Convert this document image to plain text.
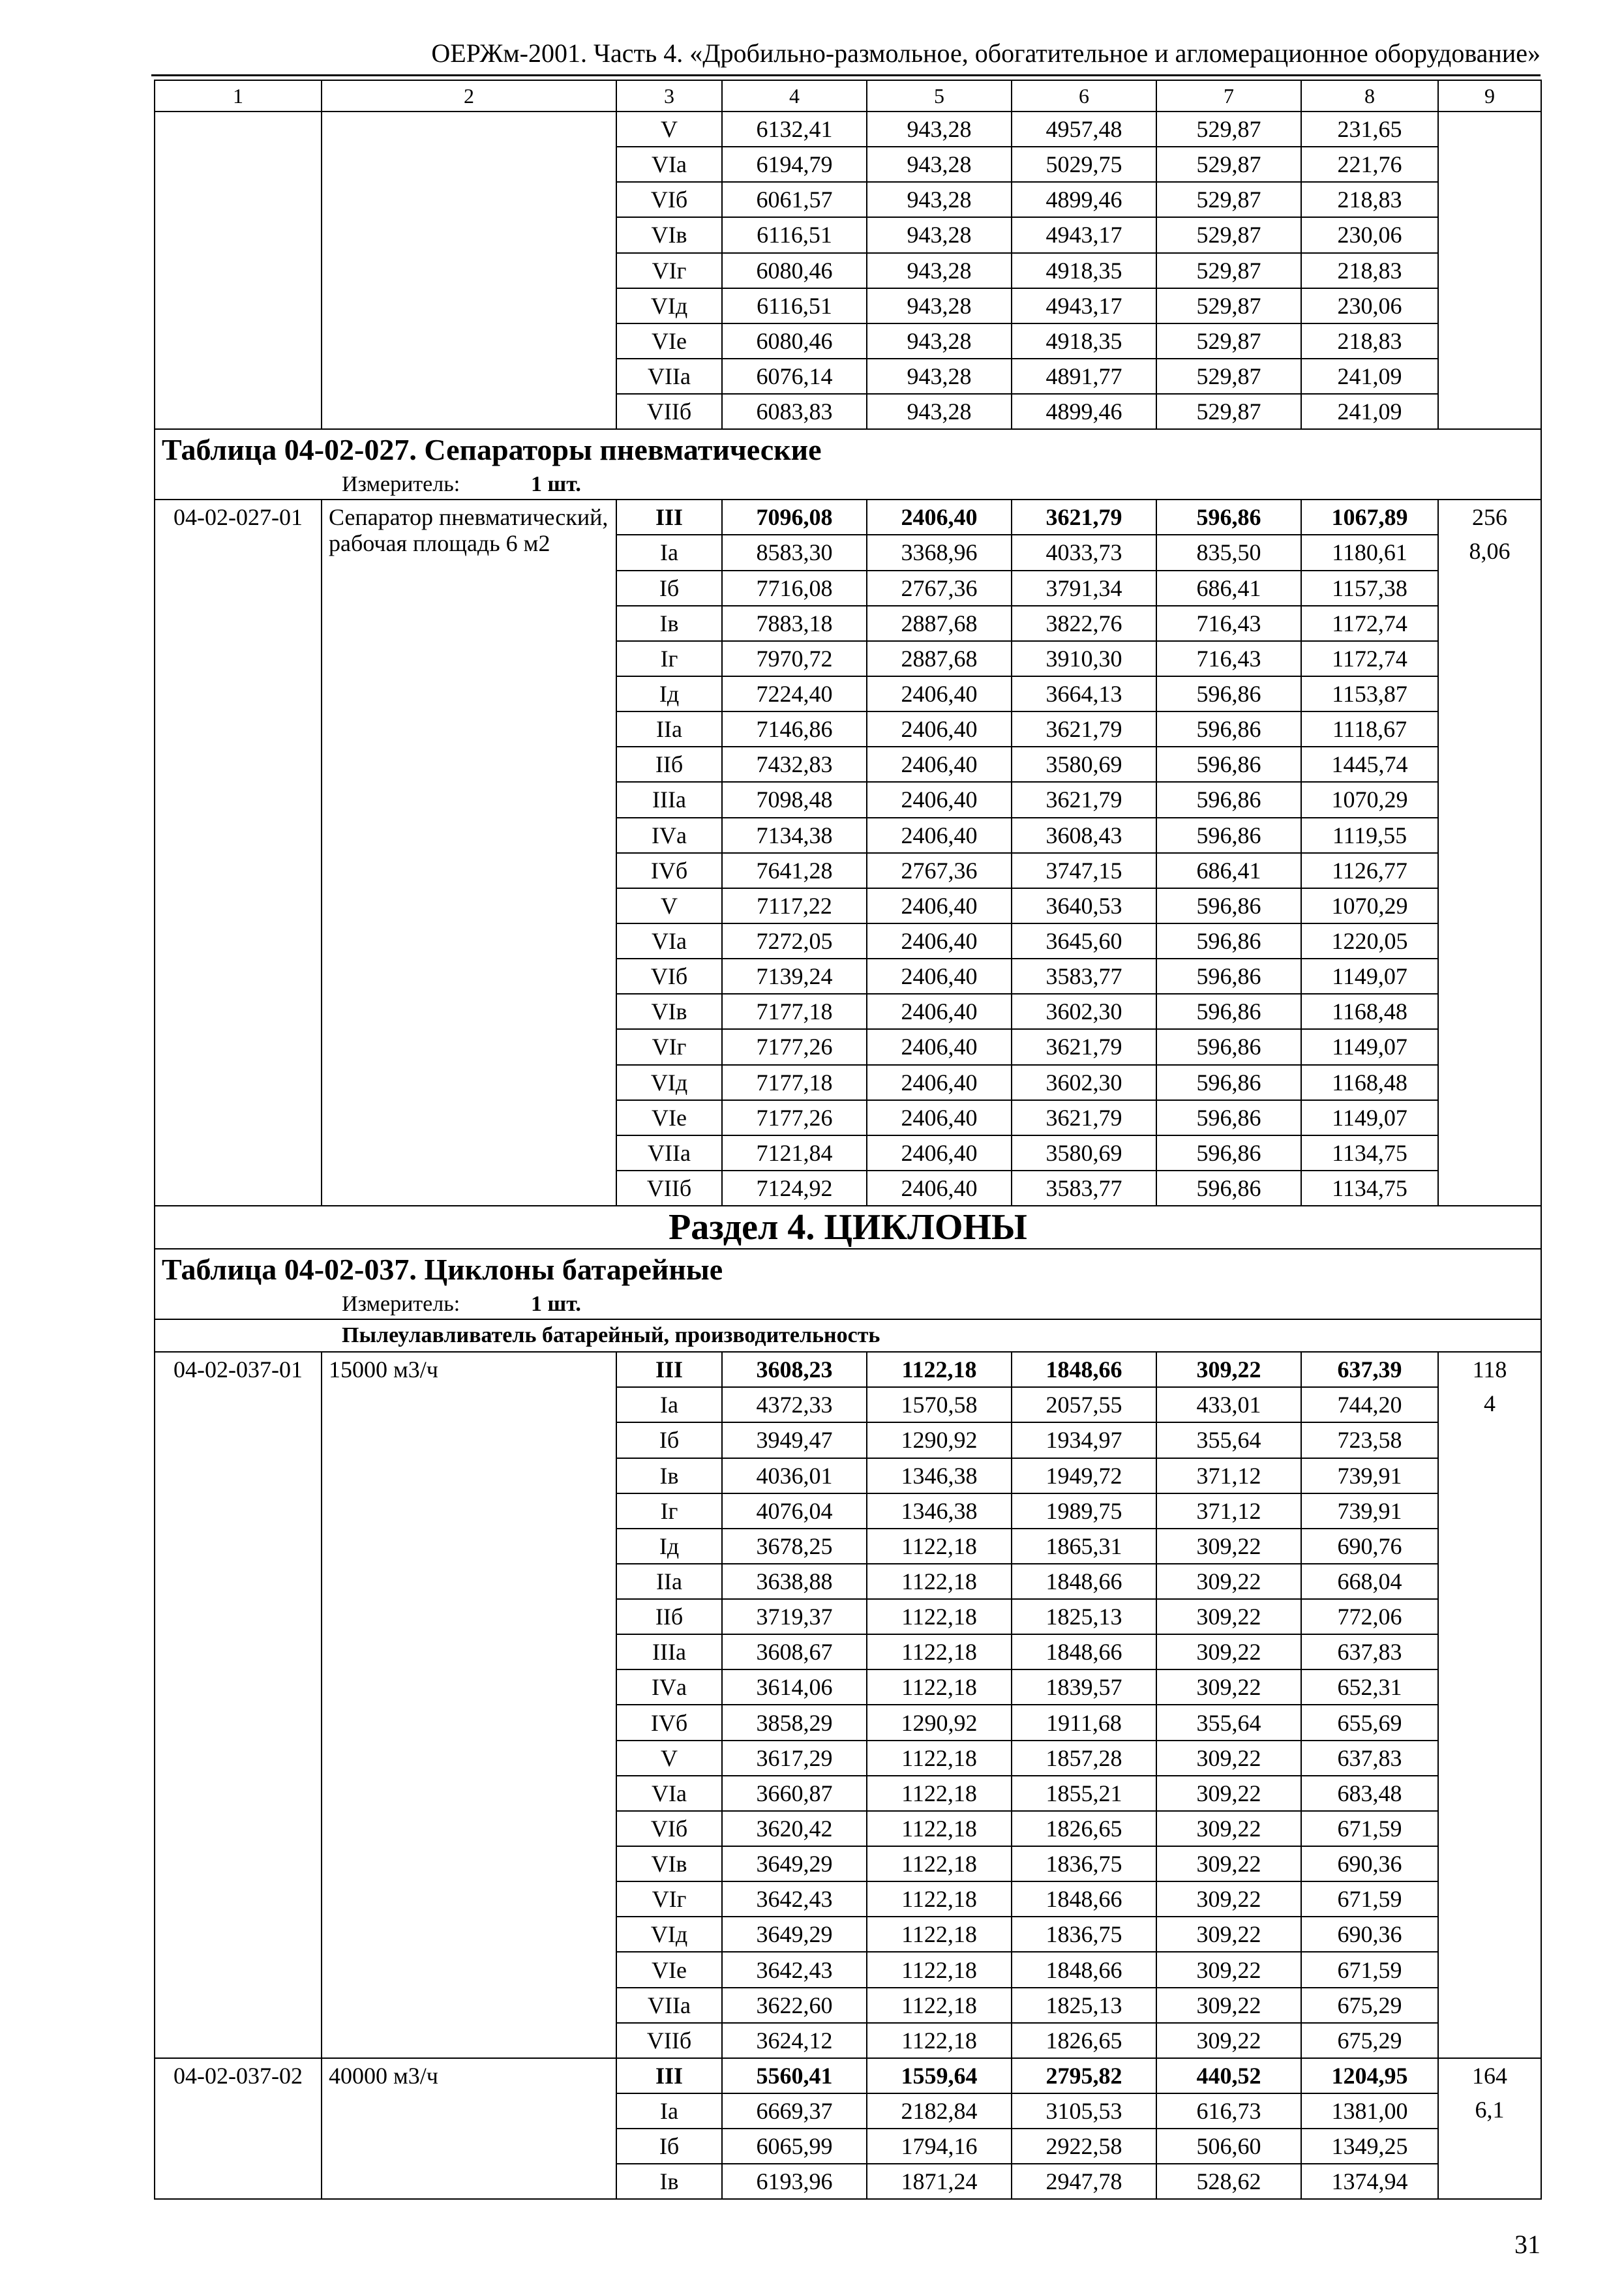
ОЕРЖм-2001. Часть 4. «Дробильно-размольное, обогатительное и агломерационное оборудование»
1	2	3	4	5	6	7	8	9
		V	6132,41	943,28	4957,48	529,87	231,65	
		VIа	6194,79	943,28	5029,75	529,87	221,76	
		VIб	6061,57	943,28	4899,46	529,87	218,83	
		VIв	6116,51	943,28	4943,17	529,87	230,06	
		VIг	6080,46	943,28	4918,35	529,87	218,83	
		VIд	6116,51	943,28	4943,17	529,87	230,06	
		VIе	6080,46	943,28	4918,35	529,87	218,83	
		VIIа	6076,14	943,28	4891,77	529,87	241,09	
		VIIб	6083,83	943,28	4899,46	529,87	241,09	
Таблица 04-02-027. Сепараторы пневматические								
Измеритель: 1 шт.								
04-02-027-01	Сепаратор пневматический, рабочая площадь 6 м2	III	7096,08	2406,40	3621,79	596,86	1067,89	256
8,06

		Iа	8583,30	3368,96	4033,73	835,50	1180,61	
		Iб	7716,08	2767,36	3791,34	686,41	1157,38	
		Iв	7883,18	2887,68	3822,76	716,43	1172,74	
		Iг	7970,72	2887,68	3910,30	716,43	1172,74	
		Iд	7224,40	2406,40	3664,13	596,86	1153,87	
		IIа	7146,86	2406,40	3621,79	596,86	1118,67	
		IIб	7432,83	2406,40	3580,69	596,86	1445,74	
		IIIа	7098,48	2406,40	3621,79	596,86	1070,29	
		IVа	7134,38	2406,40	3608,43	596,86	1119,55	
		IVб	7641,28	2767,36	3747,15	686,41	1126,77	
		V	7117,22	2406,40	3640,53	596,86	1070,29	
		VIа	7272,05	2406,40	3645,60	596,86	1220,05	
		VIб	7139,24	2406,40	3583,77	596,86	1149,07	
		VIв	7177,18	2406,40	3602,30	596,86	1168,48	
		VIг	7177,26	2406,40	3621,79	596,86	1149,07	
		VIд	7177,18	2406,40	3602,30	596,86	1168,48	
		VIе	7177,26	2406,40	3621,79	596,86	1149,07	
		VIIа	7121,84	2406,40	3580,69	596,86	1134,75	
		VIIб	7124,92	2406,40	3583,77	596,86	1134,75	
Раздел 4. ЦИКЛОНЫ								
Таблица 04-02-037. Циклоны батарейные								
Измеритель: 1 шт.								
Пылеулавливатель батарейный, производительность								
04-02-037-01	15000 м3/ч	III	3608,23	1122,18	1848,66	309,22	637,39	118
4

		Iа	4372,33	1570,58	2057,55	433,01	744,20	
		Iб	3949,47	1290,92	1934,97	355,64	723,58	
		Iв	4036,01	1346,38	1949,72	371,12	739,91	
		Iг	4076,04	1346,38	1989,75	371,12	739,91	
		Iд	3678,25	1122,18	1865,31	309,22	690,76	
		IIа	3638,88	1122,18	1848,66	309,22	668,04	
		IIб	3719,37	1122,18	1825,13	309,22	772,06	
		IIIа	3608,67	1122,18	1848,66	309,22	637,83	
		IVа	3614,06	1122,18	1839,57	309,22	652,31	
		IVб	3858,29	1290,92	1911,68	355,64	655,69	
		V	3617,29	1122,18	1857,28	309,22	637,83	
		VIа	3660,87	1122,18	1855,21	309,22	683,48	
		VIб	3620,42	1122,18	1826,65	309,22	671,59	
		VIв	3649,29	1122,18	1836,75	309,22	690,36	
		VIг	3642,43	1122,18	1848,66	309,22	671,59	
		VIд	3649,29	1122,18	1836,75	309,22	690,36	
		VIе	3642,43	1122,18	1848,66	309,22	671,59	
		VIIа	3622,60	1122,18	1825,13	309,22	675,29	
		VIIб	3624,12	1122,18	1826,65	309,22	675,29	
04-02-037-02	40000 м3/ч	III	5560,41	1559,64	2795,82	440,52	1204,95	164
6,1

		Iа	6669,37	2182,84	3105,53	616,73	1381,00	
		Iб	6065,99	1794,16	2922,58	506,60	1349,25	
		Iв	6193,96	1871,24	2947,78	528,62	1374,94	
31
